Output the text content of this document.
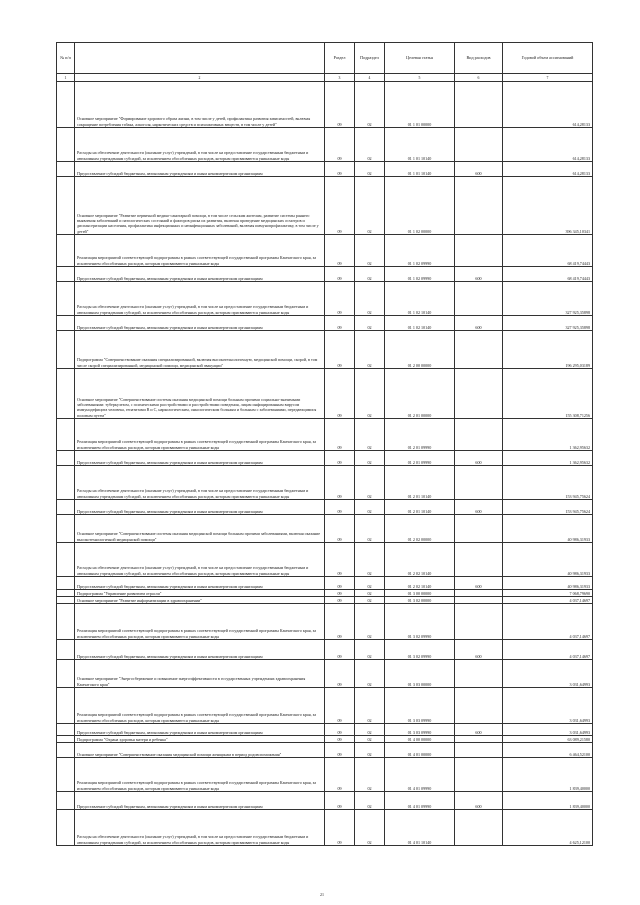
№ п/п		Раздел	Подраздел	Целевая статья	Вид расходов	Годовой объем ассигнований
1	2	3	4	5	6	7
	Основное мероприятие "Формирование здорового образа жизни, в том числе у детей, профилактика развития зависимостей, включая сокращение потребления табака, алкоголя, наркотических средств и психоактивных веществ, в том числе у детей"	09	02	01 1 01 00000		614,28133
	Расходы на обеспечение деятельности (оказание услуг) учреждений, в том числе на предоставление государственным бюджетным и автономным учреждениям субсидий, за исключением обособленных расходов, которым присваиваются уникальные коды	09	02	01 1 01 10140		614,28133
	Предоставление субсидий бюджетным, автономным учреждениям и иным некоммерческим организациям	09	02	01 1 01 10140	600	614,28133
	Основное мероприятие "Развитие первичной медико-санитарной помощи, в том числе сельским жителям, развитие системы раннего выявления заболеваний и патологических состояний и факторов риска их развития, включая проведение медицинских осмотров и диспансеризации населения, профилактика инфекционных и неинфекционных заболеваний, включая иммунопрофилактику, в том числе у детей"	09	02	01 1 02 00000		396 345,10341
	Реализация мероприятий соответствующей подпрограммы в рамках соответствующей государственной программы Камчатского края, за исключением обособленных расходов, которым присваиваются уникальные коды	09	02	01 1 02 09990		68 419,74443
	Предоставление субсидий бюджетным, автономным учреждениям и иным некоммерческим организациям	09	02	01 1 02 09990	600	68 419,74443
	Расходы на обеспечение деятельности (оказание услуг) учреждений, в том числе на предоставление государственным бюджетным и автономным учреждениям субсидий, за исключением обособленных расходов, которым присваиваются уникальные коды	09	02	01 1 02 10140		327 925,35898
	Предоставление субсидий бюджетным, автономным учреждениям и иным некоммерческим организациям	09	02	01 1 02 10140	600	327 925,35898
	Подпрограмма "Совершенствование оказания специализированной, включая высокотехнологичную, медицинской помощи, скорой, в том числе скорой специализированной, медицинской помощи, медицинской эвакуации"	09	02	01 2 00 00000		196 295,03189
	Основное мероприятие "Совершенствование системы оказания медицинской помощи больным прочими социально-значимыми заболеваниями: туберкулезом, с психическими расстройствами и расстройствами поведения, лицам инфицированным вирусом иммунодефицита человека, гепатитами В и С, наркологическим, онкологическим больным и больным с заболеваниями, передающимися половым путем"	09	02	01 2 01 00000		155 308,71256
	Реализация мероприятий соответствующей подпрограммы в рамках соответствующей государственной программы Камчатского края, за исключением обособленных расходов, которым присваиваются уникальные коды	09	02	01 2 01 09990		1 362,95632
	Предоставление субсидий бюджетным, автономным учреждениям и иным некоммерческим организациям	09	02	01 2 01 09990	600	1 362,95632
	Расходы на обеспечение деятельности (оказание услуг) учреждений, в том числе на предоставление государственным бюджетным и автономным учреждениям субсидий, за исключением обособленных расходов, которым присваиваются уникальные коды	09	02	01 2 01 10140		153 945,75624
	Предоставление субсидий бюджетным, автономным учреждениям и иным некоммерческим организациям	09	02	01 2 01 10140	600	153 945,75624
	Основное мероприятие "Совершенствование системы оказания медицинской помощи больным прочими заболеваниями, включая оказание высокотехнологичной медицинской помощи"	09	02	01 2 02 00000		40 986,31933
	Расходы на обеспечение деятельности (оказание услуг) учреждений, в том числе на предоставление государственным бюджетным и автономным учреждениям субсидий, за исключением обособленных расходов, которым присваиваются уникальные коды	09	02	01 2 02 10140		40 986,31933
	Предоставление субсидий бюджетным, автономным учреждениям и иным некоммерческим организациям	09	02	01 2 02 10140	600	40 986,31933
	Подпрограмма "Управление развитием отрасли"	09	02	01 3 00 00000		7 068,79690
	Основное мероприятие "Развитие информатизации в здравоохранении"	09	02	01 3 02 00000		4 037,14697
	Реализация мероприятий соответствующей подпрограммы в рамках соответствующей государственной программы Камчатского края, за исключением обособленных расходов, которым присваиваются уникальные коды	09	02	01 3 02 09990		4 037,14697
	Предоставление субсидий бюджетным, автономным учреждениям и иным некоммерческим организациям	09	02	01 3 02 09990	600	4 037,14697
	Основное мероприятие "Энергосбережение и повышение энергоэффективности в государственных учреждениях здравоохранения Камчатского края"	09	02	01 3 03 00000		3 031,64993
	Реализация мероприятий соответствующей подпрограммы в рамках соответствующей государственной программы Камчатского края, за исключением обособленных расходов, которым присваиваются уникальные коды	09	02	01 3 03 09990		3 031,64993
	Предоставление субсидий бюджетным, автономным учреждениям и иным некоммерческим организациям	09	02	01 3 03 09990	600	3 031,64993
	Подпрограмма "Охрана здоровья матери и ребенка"	09	02	01 4 00 00000		63 089,21580
	Основное мероприятие "Совершенствование оказания медицинской помощи женщинам в период родовспоможения"	09	02	01 4 01 00000		6 464,52100
	Реализация мероприятий соответствующей подпрограммы в рамках соответствующей государственной программы Камчатского края, за исключением обособленных расходов, которым присваиваются уникальные коды	09	02	01 4 01 09990		1 839,40000
	Предоставление субсидий бюджетным, автономным учреждениям и иным некоммерческим организациям	09	02	01 4 01 09990	600	1 839,40000
	Расходы на обеспечение деятельности (оказание услуг) учреждений, в том числе на предоставление государственным бюджетным и автономным учреждениям субсидий, за исключением обособленных расходов, которым присваиваются уникальные коды	09	02	01 4 01 10140		4 625,12100
21
